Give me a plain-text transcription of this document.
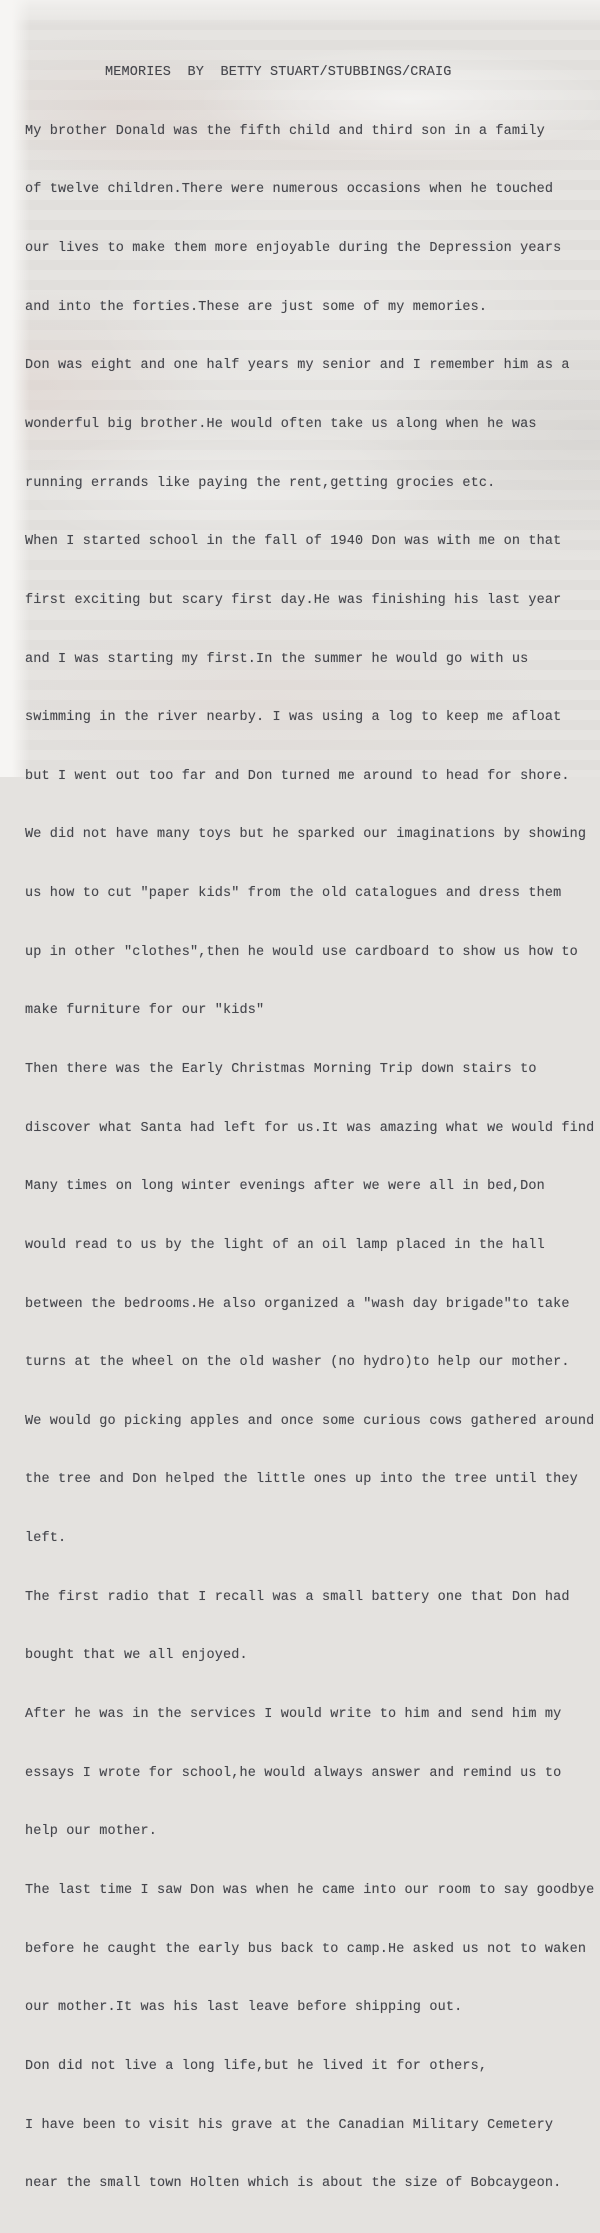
MEMORIES  BY  BETTY STUART/STUBBINGS/CRAIG

My brother Donald was the fifth child and third son in a family

of twelve children.There were numerous occasions when he touched

our lives to make them more enjoyable during the Depression years

and into the forties.These are just some of my memories.

Don was eight and one half years my senior and I remember him as a

wonderful big brother.He would often take us along when he was

running errands like paying the rent,getting grocies etc.

When I started school in the fall of 1940 Don was with me on that

first exciting but scary first day.He was finishing his last year

and I was starting my first.In the summer he would go with us

swimming in the river nearby. I was using a log to keep me afloat

but I went out too far and Don turned me around to head for shore.

We did not have many toys but he sparked our imaginations by showing

us how to cut "paper kids" from the old catalogues and dress them

up in other "clothes",then he would use cardboard to show us how to

make furniture for our "kids"

Then there was the Early Christmas Morning Trip down stairs to

discover what Santa had left for us.It was amazing what we would find

Many times on long winter evenings after we were all in bed,Don

would read to us by the light of an oil lamp placed in the hall

between the bedrooms.He also organized a "wash day brigade"to take

turns at the wheel on the old washer (no hydro)to help our mother.

We would go picking apples and once some curious cows gathered around

the tree and Don helped the little ones up into the tree until they

left.

The first radio that I recall was a small battery one that Don had

bought that we all enjoyed.

After he was in the services I would write to him and send him my

essays I wrote for school,he would always answer and remind us to

help our mother.

The last time I saw Don was when he came into our room to say goodbye

before he caught the early bus back to camp.He asked us not to waken

our mother.It was his last leave before shipping out.

Don did not live a long life,but he lived it for others,

I have been to visit his grave at the Canadian Military Cemetery

near the small town Holten which is about the size of Bobcaygeon.
